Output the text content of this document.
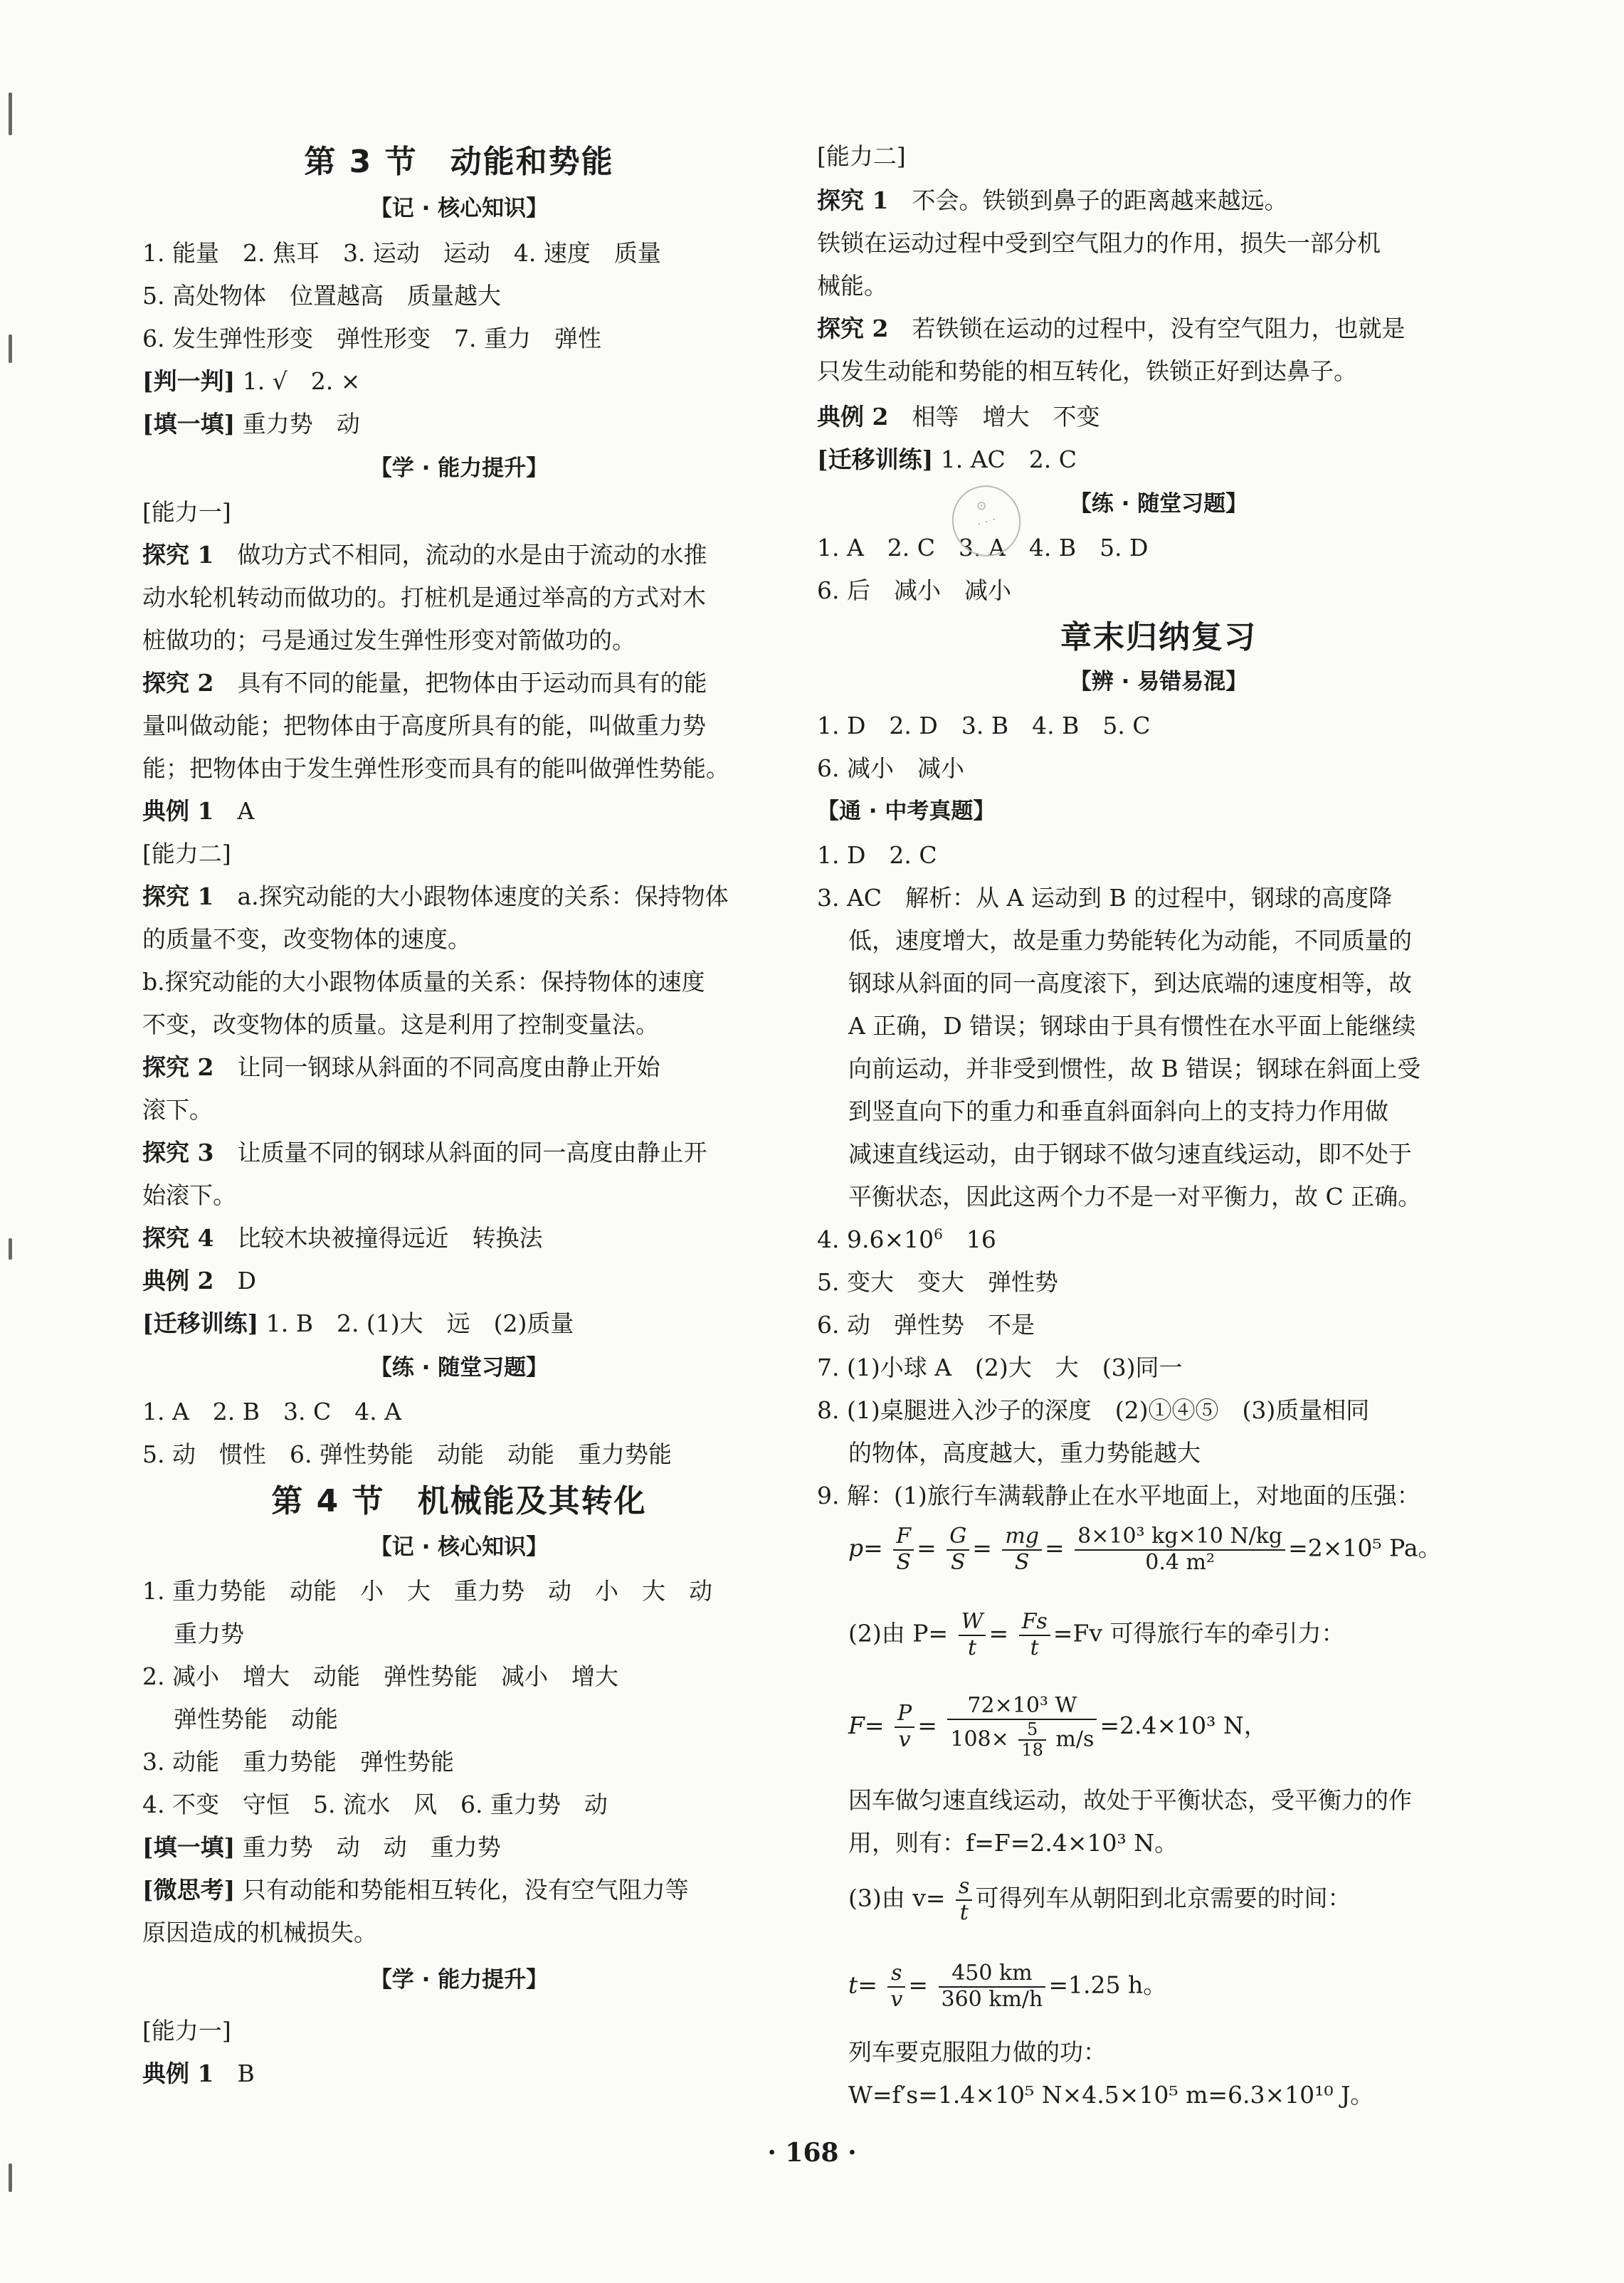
第 3 节　动能和势能
【记 · 核心知识】
1. 能量　2. 焦耳　3. 运动　运动　4. 速度　质量
5. 高处物体　位置越高　质量越大
6. 发生弹性形变　弹性形变　7. 重力　弹性
[判一判] 1. √　2. ×
[填一填] 重力势　动
【学 · 能力提升】
[能力一]
探究 1　 做功方式不相同，流动的水是由于流动的水推
动水轮机转动而做功的。打桩机是通过举高的方式对木
桩做功的；弓是通过发生弹性形变对箭做功的。
探究 2　 具有不同的能量，把物体由于运动而具有的能
量叫做动能；把物体由于高度所具有的能，叫做重力势
能；把物体由于发生弹性形变而具有的能叫做弹性势能。
典例 1　 A
[能力二]
探究 1　 a.探究动能的大小跟物体速度的关系：保持物体
的质量不变，改变物体的速度。
b.探究动能的大小跟物体质量的关系：保持物体的速度
不变，改变物体的质量。这是利用了控制变量法。
探究 2　 让同一钢球从斜面的不同高度由静止开始
滚下。
探究 3　 让质量不同的钢球从斜面的同一高度由静止开
始滚下。
探究 4　 比较木块被撞得远近　转换法
典例 2　 D
[迁移训练] 1. B　2. (1)大　远　(2)质量
【练 · 随堂习题】
1. A　2. B　3. C　4. A
5. 动　惯性　6. 弹性势能　动能　动能　重力势能
第 4 节　机械能及其转化
【记 · 核心知识】
1. 重力势能　动能　小　大　重力势　动　小　大　动
重力势
2. 减小　增大　动能　弹性势能　减小　增大
弹性势能　动能
3. 动能　重力势能　弹性势能
4. 不变　守恒　5. 流水　风　6. 重力势　动
[填一填] 重力势　动　动　重力势
[微思考] 只有动能和势能相互转化，没有空气阻力等
原因造成的机械损失。
【学 · 能力提升】
[能力一]
典例 1　 B
[能力二]
探究 1　 不会。铁锁到鼻子的距离越来越远。
铁锁在运动过程中受到空气阻力的作用，损失一部分机
械能。
探究 2　 若铁锁在运动的过程中，没有空气阻力，也就是
只发生动能和势能的相互转化，铁锁正好到达鼻子。
典例 2　 相等　增大　不变
[迁移训练] 1. AC　2. C
【练 · 随堂习题】
1. A　2. C　3. A　4. B　5. D
6. 后　减小　减小
章末归纳复习
【辨 · 易错易混】
1. D　2. D　3. B　4. B　5. C
6. 减小　减小
【通 · 中考真题】
1. D　2. C
3. AC　解析：从 A 运动到 B 的过程中，钢球的高度降
低，速度增大，故是重力势能转化为动能，不同质量的
钢球从斜面的同一高度滚下，到达底端的速度相等，故
A 正确，D 错误；钢球由于具有惯性在水平面上能继续
向前运动，并非受到惯性，故 B 错误；钢球在斜面上受
到竖直向下的重力和垂直斜面斜向上的支持力作用做
减速直线运动，由于钢球不做匀速直线运动，即不处于
平衡状态，因此这两个力不是一对平衡力，故 C 正确。
4. $9.6\times 10^6$　16
5. 变大　变大　弹性势
6. 动　弹性势　不是
7. (1)小球 A　(2)大　大　(3)同一
8. (1)桌腿进入沙子的深度　(2)①④⑤　(3)质量相同
的物体，高度越大，重力势能越大
9. 解：(1)旅行车满载静止在水平地面上，对地面的压强：
$p= \frac{F}{S} = \frac{G}{S} = \frac{mg}{S} = \frac{\text{8×10³ kg×10 N/kg}}{\text{0.4 m²}} =2\times 10^5$ Pa。
(2)由 $P= \frac{W}{t} = \frac{Fs}{t} =Fv$ 可得旅行车的牵引力：
$F= \frac{P}{v} = \frac{\text{72×10³ W}}{108\times \frac{5}{18} m/s} =2.4\times 10^3$ N，
因车做匀速直线运动，故处于平衡状态，受平衡力的作
用，则有：f=F=2.4×10³ N。
(3)由 $v= \frac{s}{t}$ 可得列车从朝阳到北京需要的时间：
$t= \frac{s}{v} = \frac{450 km}{360 km/h} =1.25$ h。
列车要克服阻力做的功：
W=f′s=1.4×10⁵ N×4.5×10⁵ m=6.3×10¹⁰ J。
⊙
· · ·
· 168 ·
